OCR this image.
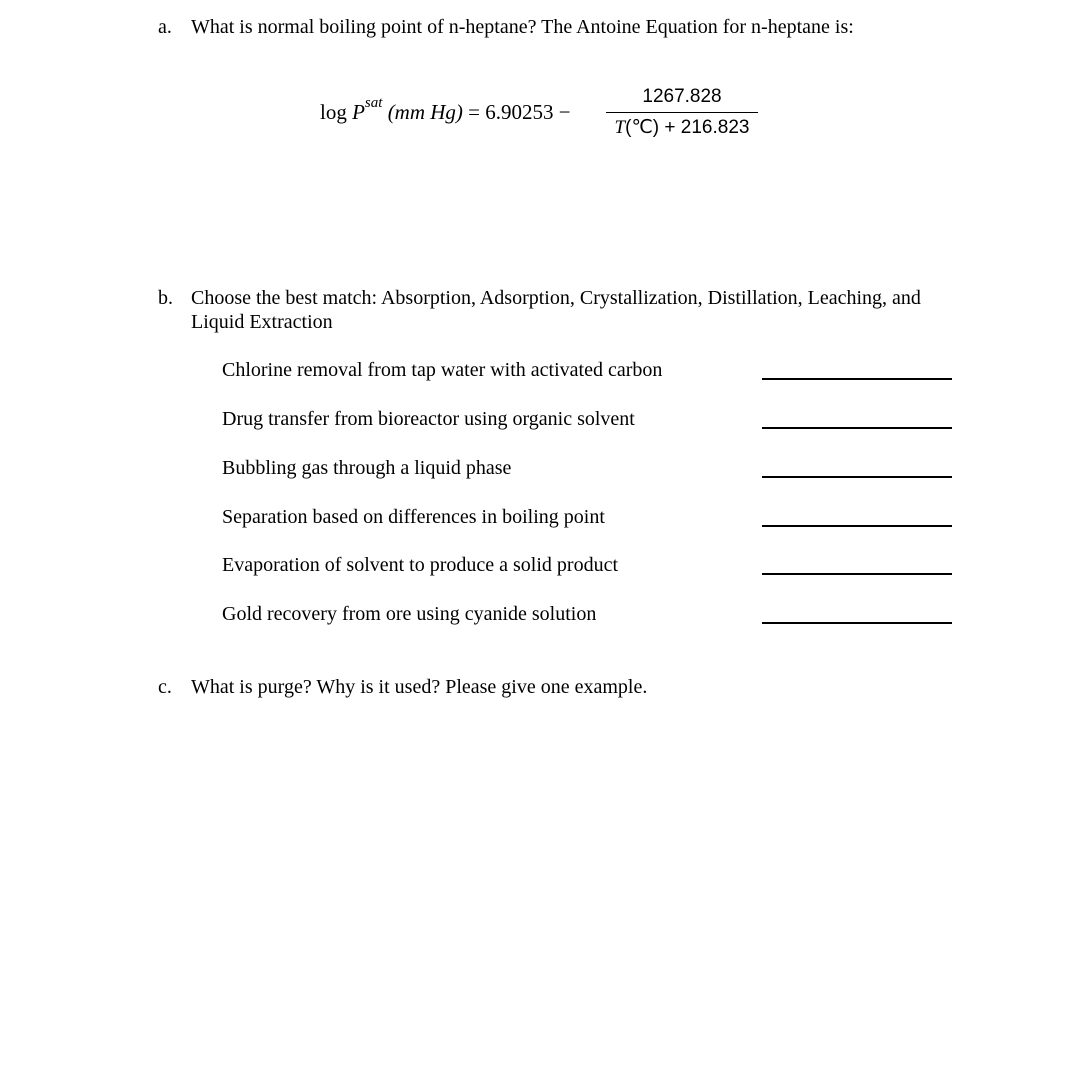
a. What is normal boiling point of n-heptane? The Antoine Equation for n-heptane is:
$\log P^{sat}$ (mm Hg) = 6.90253 −
1267.828
T(℃) + 216.823
b. Choose the best match: Absorption, Adsorption, Crystallization, Distillation, Leaching, and Liquid Extraction
Chlorine removal from tap water with activated carbon
Drug transfer from bioreactor using organic solvent
Bubbling gas through a liquid phase
Separation based on differences in boiling point
Evaporation of solvent to produce a solid product
Gold recovery from ore using cyanide solution
c. What is purge? Why is it used? Please give one example.
